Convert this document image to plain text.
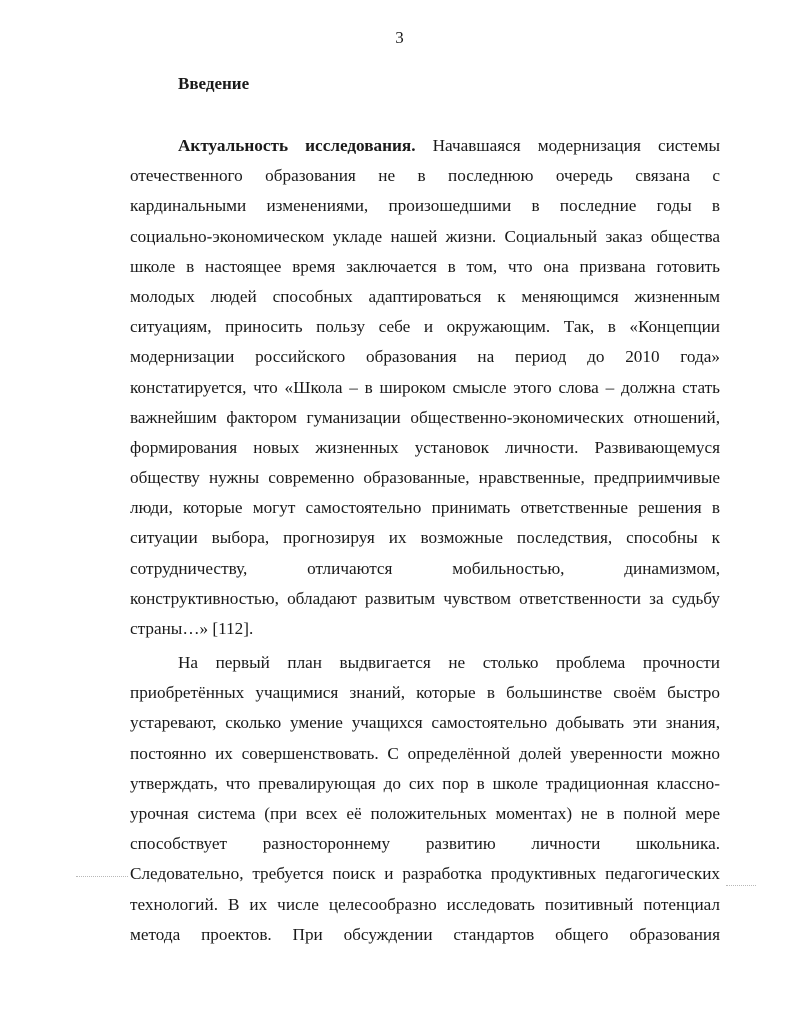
3
Введение
Актуальность исследования. Начавшаяся модернизация системы
отечественного образования не в последнюю очередь связана с
кардинальными изменениями, произошедшими в последние годы в
социально-экономическом укладе нашей жизни. Социальный заказ общества
школе в настоящее время заключается в том, что она призвана готовить
молодых людей способных адаптироваться к меняющимся жизненным
ситуациям, приносить пользу себе и окружающим. Так, в «Концепции
модернизации российского образования на период до 2010 года»
констатируется, что «Школа – в широком смысле этого слова – должна стать
важнейшим фактором гуманизации общественно-экономических отношений,
формирования новых жизненных установок личности. Развивающемуся
обществу нужны современно образованные, нравственные, предприимчивые
люди, которые могут самостоятельно принимать ответственные решения в
ситуации выбора, прогнозируя их возможные последствия, способны к
сотрудничеству, отличаются мобильностью, динамизмом,
конструктивностью, обладают развитым чувством ответственности за судьбу
страны…» [112].
На первый план выдвигается не столько проблема прочности
приобретённых учащимися знаний, которые в большинстве своём быстро
устаревают, сколько умение учащихся самостоятельно добывать эти знания,
постоянно их совершенствовать. С определённой долей уверенности можно
утверждать, что превалирующая до сих пор в школе традиционная классно-
урочная система (при всех её положительных моментах) не в полной мере
способствует разностороннему развитию личности школьника.
Следовательно, требуется поиск и разработка продуктивных педагогических
технологий. В их числе целесообразно исследовать позитивный потенциал
метода проектов. При обсуждении стандартов общего образования
